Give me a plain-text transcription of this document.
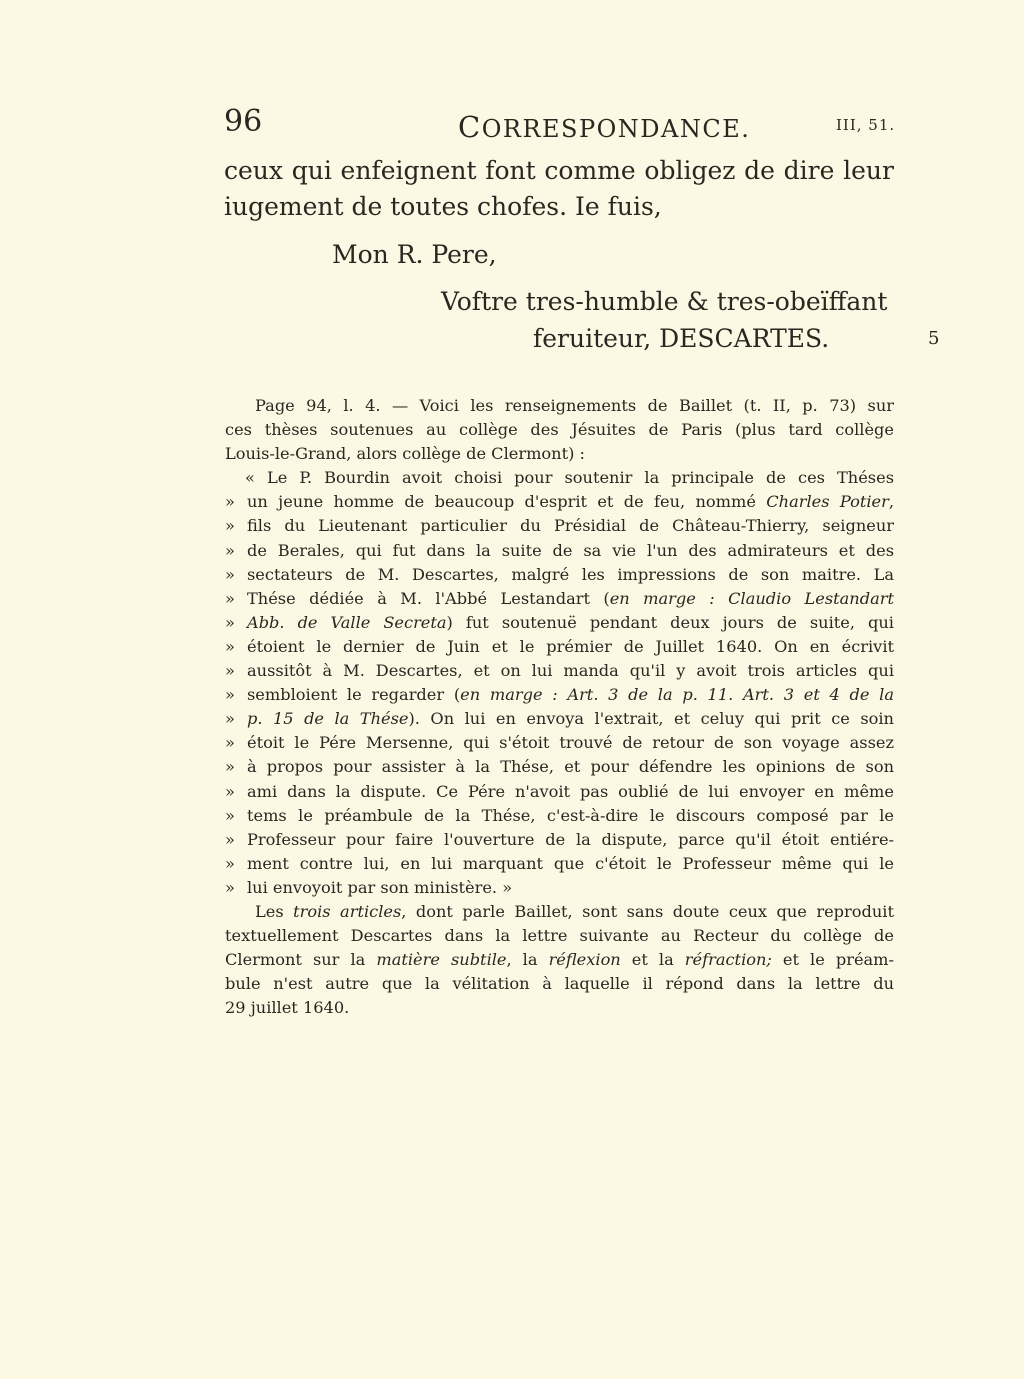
96	CORRESPONDANCE.	III, 51.
ceux qui enfeignent font comme obligez de dire leur
iugement de toutes chofes. Ie fuis,
Mon R. Pere,
Voftre tres-humble & tres-obeïffant
feruiteur, DESCARTES.	5
Page 94, l. 4. — Voici les renseignements de Baillet (t. II, p. 73) sur
ces thèses soutenues au collège des Jésuites de Paris (plus tard collège
Louis-le-Grand, alors collège de Clermont) :
« Le P. Bourdin avoit choisi pour soutenir la principale de ces Théses
» un jeune homme de beaucoup d'esprit et de feu, nommé Charles Potier,
» fils du Lieutenant particulier du Présidial de Château-Thierry, seigneur
» de Berales, qui fut dans la suite de sa vie l'un des admirateurs et des
» sectateurs de M. Descartes, malgré les impressions de son maitre. La
» Thése dédiée à M. l'Abbé Lestandart (en marge : Claudio Lestandart
» Abb. de Valle Secreta) fut soutenuë pendant deux jours de suite, qui
» étoient le dernier de Juin et le prémier de Juillet 1640. On en écrivit
» aussitôt à M. Descartes, et on lui manda qu'il y avoit trois articles qui
» sembloient le regarder (en marge : Art. 3 de la p. 11. Art. 3 et 4 de la
» p. 15 de la Thése). On lui en envoya l'extrait, et celuy qui prit ce soin
» étoit le Pére Mersenne, qui s'étoit trouvé de retour de son voyage assez
» à propos pour assister à la Thése, et pour défendre les opinions de son
» ami dans la dispute. Ce Pére n'avoit pas oublié de lui envoyer en même
» tems le préambule de la Thése, c'est-à-dire le discours composé par le
» Professeur pour faire l'ouverture de la dispute, parce qu'il étoit entiére-
» ment contre lui, en lui marquant que c'étoit le Professeur même qui le
» lui envoyoit par son ministère. »
Les trois articles, dont parle Baillet, sont sans doute ceux que reproduit
textuellement Descartes dans la lettre suivante au Recteur du collège de
Clermont sur la matière subtile, la réflexion et la réfraction; et le préam-
bule n'est autre que la vélitation à laquelle il répond dans la lettre du
29 juillet 1640.
